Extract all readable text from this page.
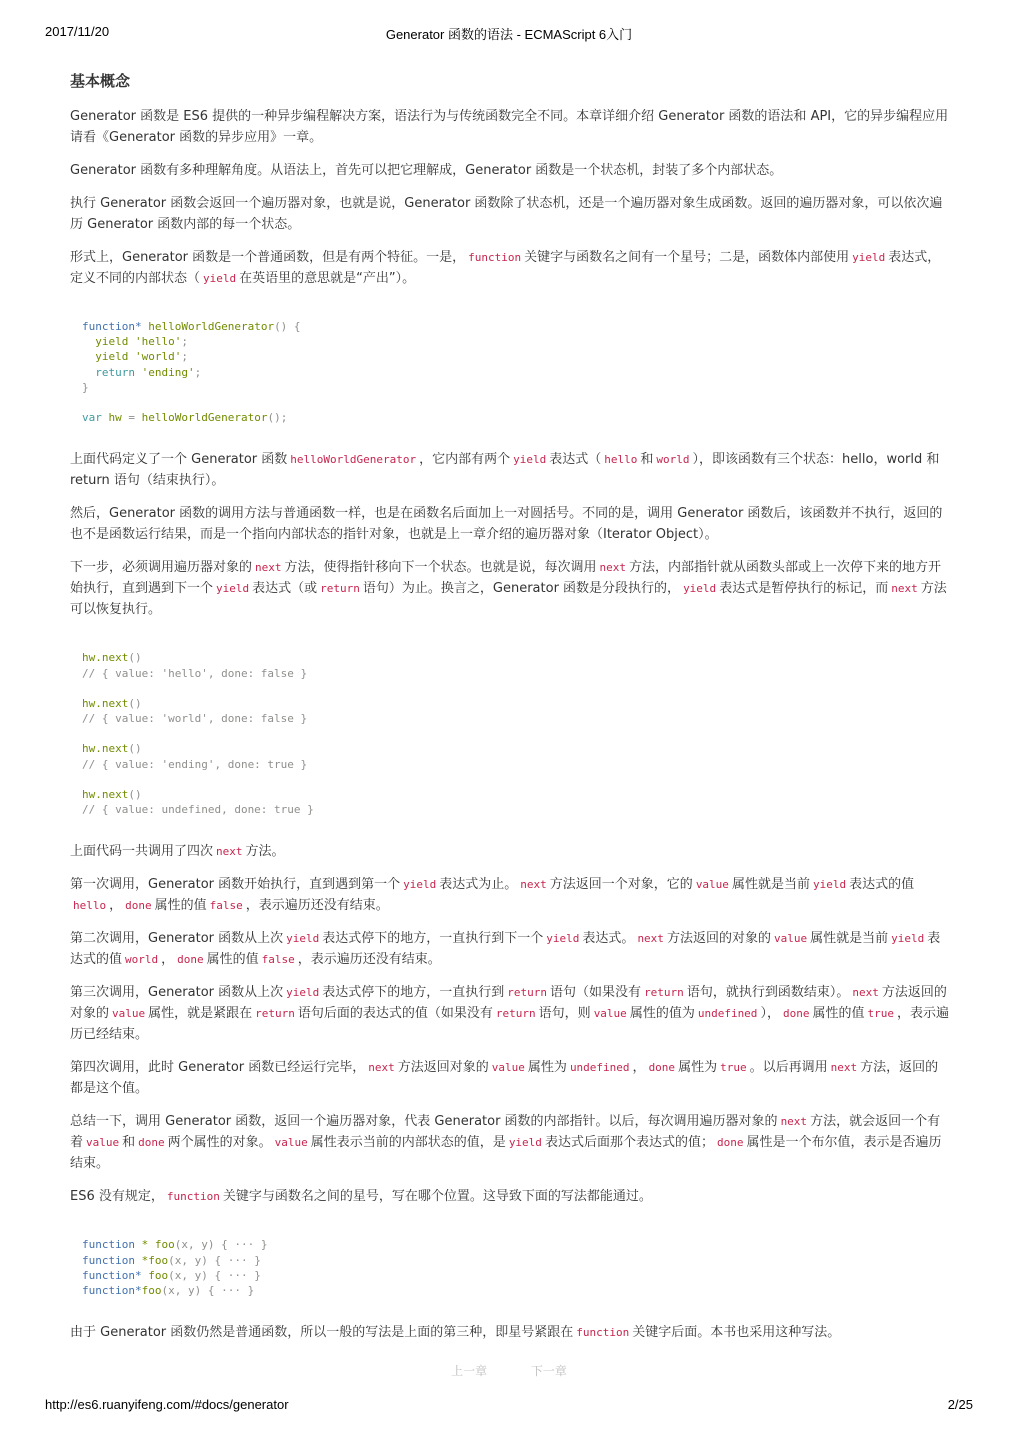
2017/11/20	Generator 函数的语法 - ECMAScript 6入门
基本概念

Generator 函数是 ES6 提供的一种异步编程解决方案，语法行为与传统函数完全不同。本章详细介绍 Generator 函数的语法和 API，它的异步编程应用请看《Generator 函数的异步应用》一章。

Generator 函数有多种理解角度。从语法上，首先可以把它理解成，Generator 函数是一个状态机，封装了多个内部状态。

执行 Generator 函数会返回一个遍历器对象，也就是说，Generator 函数除了状态机，还是一个遍历器对象生成函数。返回的遍历器对象，可以依次遍历 Generator 函数内部的每一个状态。

形式上，Generator 函数是一个普通函数，但是有两个特征。一是， function 关键字与函数名之间有一个星号；二是，函数体内部使用 yield 表达式，定义不同的内部状态（ yield 在英语里的意思就是“产出”）。

function* helloWorldGenerator() {
yield 'hello';
yield 'world';
return 'ending';
}
var hw = helloWorldGenerator();

上面代码定义了一个 Generator 函数 helloWorldGenerator ，它内部有两个 yield 表达式（ hello 和 world ），即该函数有三个状态：hello，world 和 return 语句（结束执行）。

然后，Generator 函数的调用方法与普通函数一样，也是在函数名后面加上一对圆括号。不同的是，调用 Generator 函数后，该函数并不执行，返回的也不是函数运行结果，而是一个指向内部状态的指针对象，也就是上一章介绍的遍历器对象（Iterator Object）。

下一步，必须调用遍历器对象的 next 方法，使得指针移向下一个状态。也就是说，每次调用 next 方法，内部指针就从函数头部或上一次停下来的地方开始执行，直到遇到下一个 yield 表达式（或 return 语句）为止。换言之，Generator 函数是分段执行的， yield 表达式是暂停执行的标记，而 next 方法可以恢复执行。

hw.next()
// { value: 'hello', done: false }
hw.next()
// { value: 'world', done: false }
hw.next()
// { value: 'ending', done: true }
hw.next()
// { value: undefined, done: true }

上面代码一共调用了四次 next 方法。

第一次调用，Generator 函数开始执行，直到遇到第一个 yield 表达式为止。 next 方法返回一个对象，它的 value 属性就是当前 yield 表达式的值hello ， done 属性的值 false ，表示遍历还没有结束。

第二次调用，Generator 函数从上次 yield 表达式停下的地方，一直执行到下一个 yield 表达式。 next 方法返回的对象的 value 属性就是当前 yield 表达式的值 world ， done 属性的值 false ，表示遍历还没有结束。

第三次调用，Generator 函数从上次 yield 表达式停下的地方，一直执行到 return 语句（如果没有 return 语句，就执行到函数结束）。 next 方法返回的对象的 value 属性，就是紧跟在 return 语句后面的表达式的值（如果没有 return 语句，则 value 属性的值为 undefined ）， done 属性的值 true ，表示遍历已经结束。

第四次调用，此时 Generator 函数已经运行完毕， next 方法返回对象的 value 属性为 undefined ， done 属性为 true 。以后再调用 next 方法，返回的都是这个值。

总结一下，调用 Generator 函数，返回一个遍历器对象，代表 Generator 函数的内部指针。以后，每次调用遍历器对象的 next 方法，就会返回一个有着 value 和 done 两个属性的对象。 value 属性表示当前的内部状态的值，是 yield 表达式后面那个表达式的值； done 属性是一个布尔值，表示是否遍历结束。

ES6 没有规定， function 关键字与函数名之间的星号，写在哪个位置。这导致下面的写法都能通过。

function * foo(x, y) { ··· }
function *foo(x, y) { ··· }
function* foo(x, y) { ··· }
function*foo(x, y) { ··· }

由于 Generator 函数仍然是普通函数，所以一般的写法是上面的第三种，即星号紧跟在 function 关键字后面。本书也采用这种写法。

上一章	下一章
http://es6.ruanyifeng.com/#docs/generator	2/25
